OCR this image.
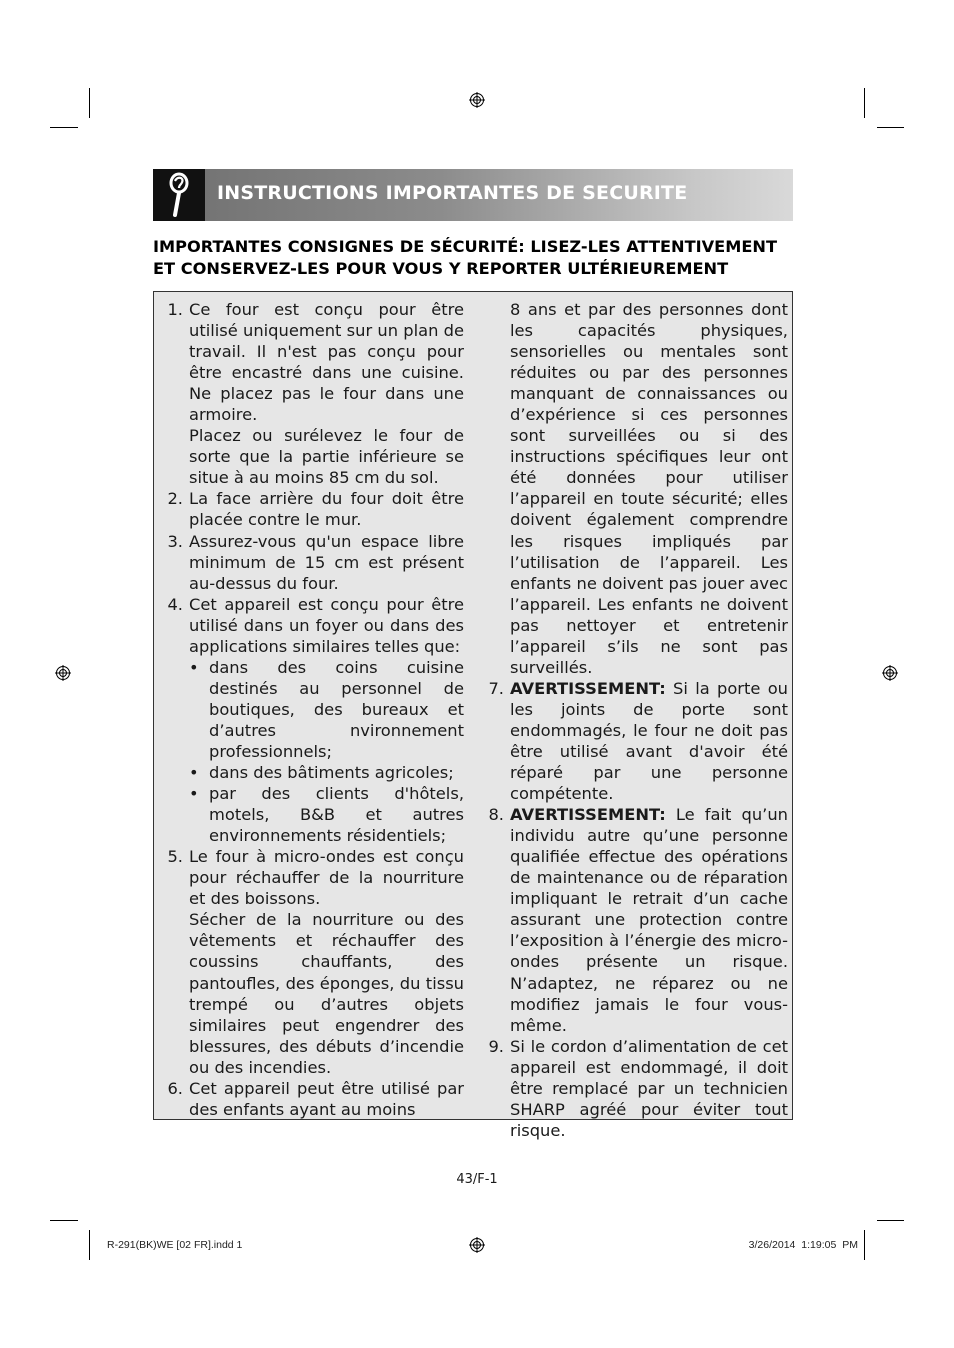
INSTRUCTIONS IMPORTANTES DE SECURITE
IMPORTANTES CONSIGNES DE SÉCURITÉ: LISEZ-LES ATTENTIVEMENT
ET CONSERVEZ-LES POUR VOUS Y REPORTER ULTÉRIEUREMENT
1. Ce four est conçu pour être utilisé uniquement sur un plan de travail. Il n'est pas conçu pour être encastré dans une cuisine. Ne placez pas le four dans une armoire.
Placez ou surélevez le four de sorte que la partie inférieure se situe à au moins 85 cm du sol.
2. La face arrière du four doit être placée contre le mur.
3. Assurez-vous qu'un espace libre minimum de 15 cm est présent au-dessus du four.
4. Cet appareil est conçu pour être utilisé dans un foyer ou dans des applications similaires telles que:
• dans des coins cuisine destinés au personnel de boutiques, des bureaux et d’autres nvironnement professionnels;
• dans des bâtiments agricoles;
• par des clients d'hôtels, motels, B&B et autres environnements résidentiels;
5. Le four à micro-ondes est conçu pour réchauffer de la nourriture et des boissons.
Sécher de la nourriture ou des vêtements et réchauffer des coussins chauffants, des pantoufles, des éponges, du tissu trempé ou d’autres objets similaires peut engendrer des blessures, des débuts d’incendie ou des incendies.
6. Cet appareil peut être utilisé par des enfants ayant au moins
8 ans et par des personnes dont les capacités physiques, sensorielles ou mentales sont réduites ou par des personnes manquant de connaissances ou d’expérience si ces personnes sont surveillées ou si des instructions spécifiques leur ont été données pour utiliser l’appareil en toute sécurité; elles doivent également comprendre les risques impliqués par l’utilisation de l’appareil. Les enfants ne doivent pas jouer avec l’appareil. Les enfants ne doivent pas nettoyer et entretenir l’appareil s’ils ne sont pas surveillés.
7. AVERTISSEMENT: Si la porte ou les joints de porte sont endommagés, le four ne doit pas être utilisé avant d'avoir été réparé par une personne compétente.
8. AVERTISSEMENT: Le fait qu’un individu autre qu’une personne qualifiée effectue des opérations de maintenance ou de réparation impliquant le retrait d’un cache assurant une protection contre l’exposition à l’énergie des micro-ondes présente un risque. N’adaptez, ne réparez ou ne modifiez jamais le four vous-même.
9. Si le cordon d’alimentation de cet appareil est endommagé, il doit être remplacé par un technicien SHARP agréé pour éviter tout risque.
43/F-1
R-291(BK)WE [02 FR].indd 1	3/26/2014 1:19:05 PM
